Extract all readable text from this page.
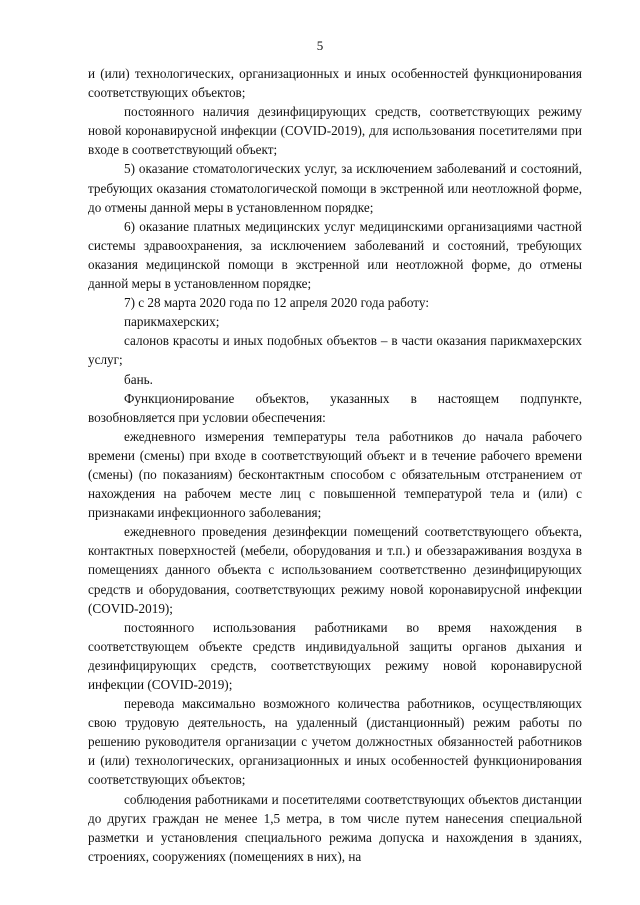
5

и (или) технологических, организационных и иных особенностей функционирования соответствующих объектов;

постоянного наличия дезинфицирующих средств, соответствующих режиму новой коронавирусной инфекции (COVID-2019), для использования посетителями при входе в соответствующий объект;

5) оказание стоматологических услуг, за исключением заболеваний и состояний, требующих оказания стоматологической помощи в экстренной или неотложной форме, до отмены данной меры в установленном порядке;

6) оказание платных медицинских услуг медицинскими организациями частной системы здравоохранения, за исключением заболеваний и состояний, требующих оказания медицинской помощи в экстренной или неотложной форме, до отмены данной меры в установленном порядке;

7) с 28 марта 2020 года по 12 апреля 2020 года работу:

парикмахерских;

салонов красоты и иных подобных объектов – в части оказания парикмахерских услуг;

бань.

Функционирование объектов, указанных в настоящем подпункте, возобновляется при условии обеспечения:

ежедневного измерения температуры тела работников до начала рабочего времени (смены) при входе в соответствующий объект и в течение рабочего времени (смены) (по показаниям) бесконтактным способом с обязательным отстранением от нахождения на рабочем месте лиц с повышенной температурой тела и (или) с признаками инфекционного заболевания;

ежедневного проведения дезинфекции помещений соответствующего объекта, контактных поверхностей (мебели, оборудования и т.п.) и обеззараживания воздуха в помещениях данного объекта с использованием соответственно дезинфицирующих средств и оборудования, соответствующих режиму новой коронавирусной инфекции (COVID-2019);

постоянного использования работниками во время нахождения в соответствующем объекте средств индивидуальной защиты органов дыхания и дезинфицирующих средств, соответствующих режиму новой коронавирусной инфекции (COVID-2019);

перевода максимально возможного количества работников, осуществляющих свою трудовую деятельность, на удаленный (дистанционный) режим работы по решению руководителя организации с учетом должностных обязанностей работников и (или) технологических, организационных и иных особенностей функционирования соответствующих объектов;

соблюдения работниками и посетителями соответствующих объектов дистанции до других граждан не менее 1,5 метра, в том числе путем нанесения специальной разметки и установления специального режима допуска и нахождения в зданиях, строениях, сооружениях (помещениях в них), на
